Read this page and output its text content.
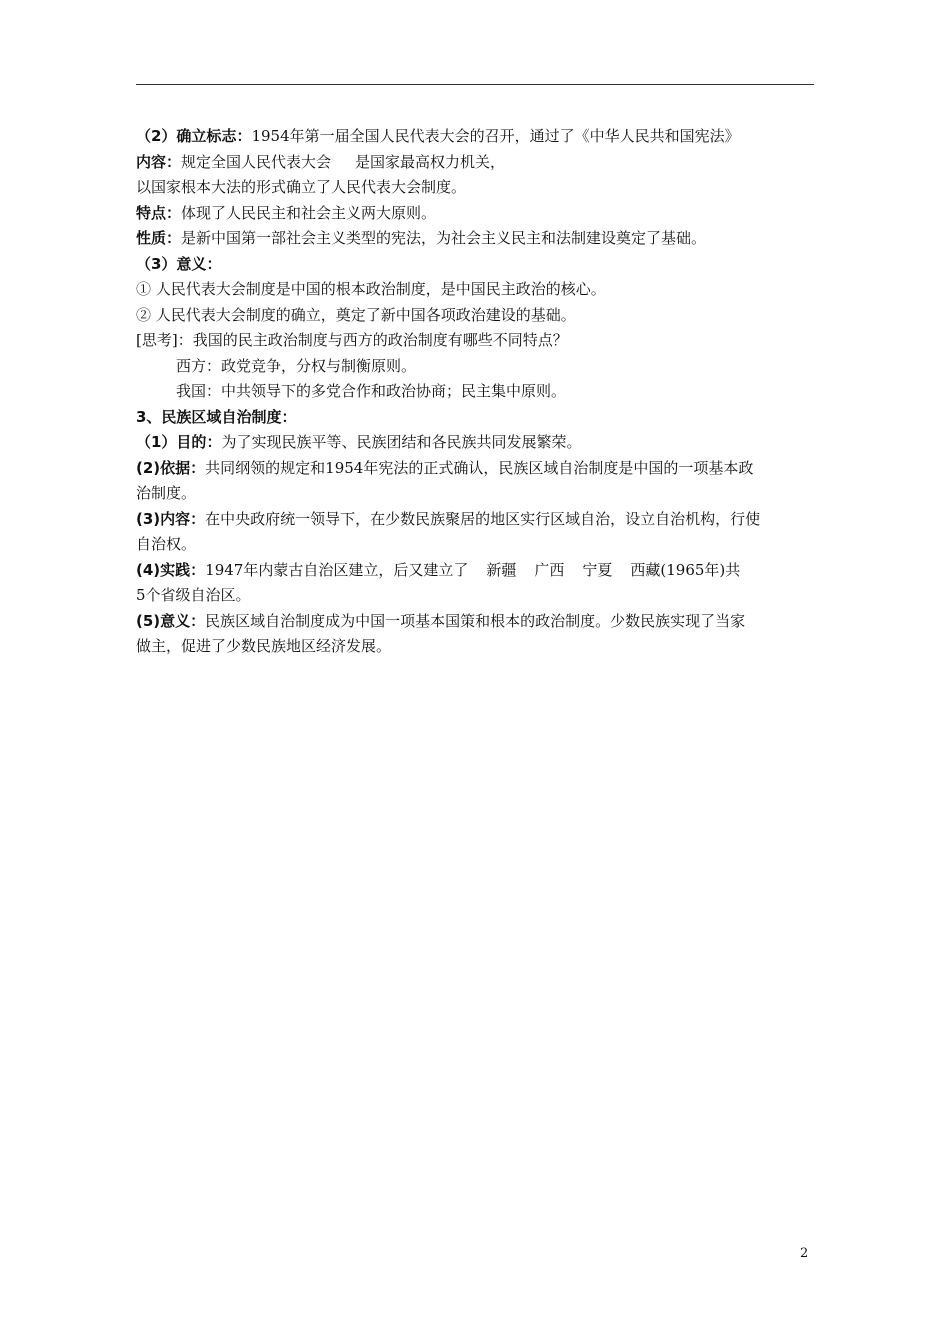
（2）确立标志：1954年第一届全国人民代表大会的召开，通过了《中华人民共和国宪法》
内容：规定全国人民代表大会 是国家最高权力机关，
以国家根本大法的形式确立了人民代表大会制度。
特点：体现了人民民主和社会主义两大原则。
性质：是新中国第一部社会主义类型的宪法，为社会主义民主和法制建设奠定了基础。
（3）意义：
① 人民代表大会制度是中国的根本政治制度，是中国民主政治的核心。
② 人民代表大会制度的确立，奠定了新中国各项政治建设的基础。
[思考]：我国的民主政治制度与西方的政治制度有哪些不同特点？
西方：政党竞争，分权与制衡原则。
我国：中共领导下的多党合作和政治协商；民主集中原则。
3、民族区域自治制度：
（1）目的：为了实现民族平等、民族团结和各民族共同发展繁荣。
(2)依据：共同纲领的规定和1954年宪法的正式确认，民族区域自治制度是中国的一项基本政
治制度。
(3)内容：在中央政府统一领导下，在少数民族聚居的地区实行区域自治，设立自治机构，行使
自治权。
(4)实践：1947年内蒙古自治区建立，后又建立了 新疆 广西 宁夏 西藏(1965年)共
5个省级自治区。
(5)意义：民族区域自治制度成为中国一项基本国策和根本的政治制度。少数民族实现了当家
做主，促进了少数民族地区经济发展。
2
